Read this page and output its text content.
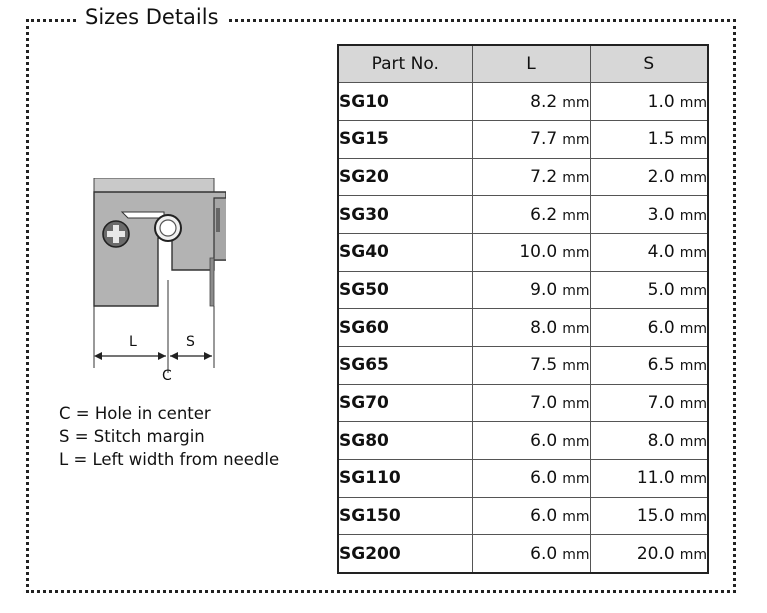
Sizes Details
L	S
C
C = Hole in center
S = Stitch margin
L = Left width from needle
Part No.	L	S
SG10	8.2 mm	1.0 mm
SG15	7.7 mm	1.5 mm
SG20	7.2 mm	2.0 mm
SG30	6.2 mm	3.0 mm
SG40	10.0 mm	4.0 mm
SG50	9.0 mm	5.0 mm
SG60	8.0 mm	6.0 mm
SG65	7.5 mm	6.5 mm
SG70	7.0 mm	7.0 mm
SG80	6.0 mm	8.0 mm
SG110	6.0 mm	11.0 mm
SG150	6.0 mm	15.0 mm
SG200	6.0 mm	20.0 mm
